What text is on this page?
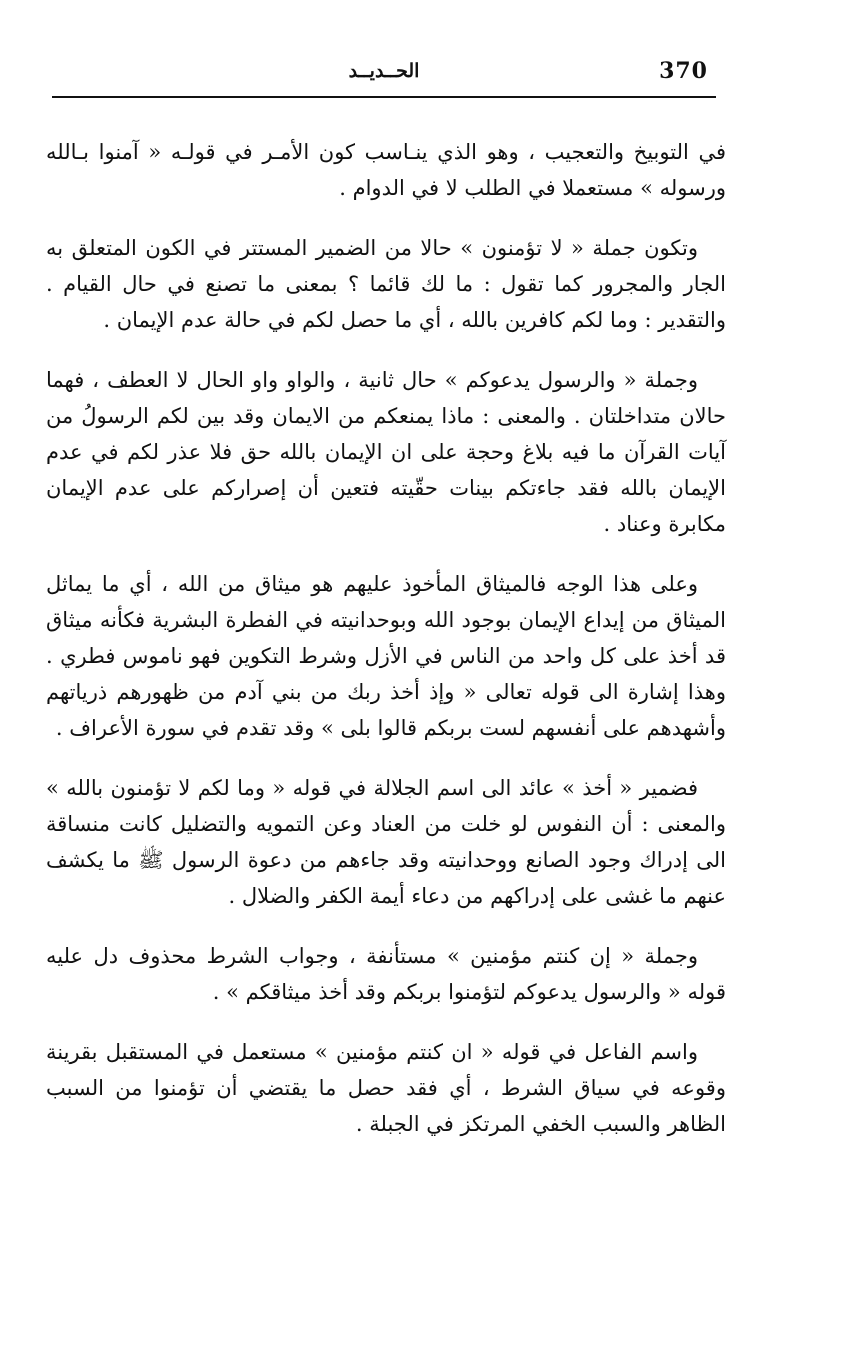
370
الحــديــد

في التوبيخ والتعجيب ، وهو الذي ينـاسب كون الأمـر في قولـه « آمنوا بـالله ورسوله » مستعملا في الطلب لا في الدوام .

وتكون جملة « لا تؤمنون » حالا من الضمير المستتر في الكون المتعلق به الجار والمجرور كما تقول : ما لك قائما ؟ بمعنى ما تصنع في حال القيام . والتقدير : وما لكم كافرين بالله ، أي ما حصل لكم في حالة عدم الإيمان .

وجملة « والرسول يدعوكم » حال ثانية ، والواو واو الحال لا العطف ، فهما حالان متداخلتان . والمعنى : ماذا يمنعكم من الايمان وقد بين لكم الرسولُ من آيات القرآن ما فيه بلاغ وحجة على ان الإيمان بالله حق فلا عذر لكم في عدم الإيمان بالله فقد جاءتكم بينات حقّيته فتعين أن إصراركم على عدم الإيمان مكابرة وعناد .

وعلى هذا الوجه فالميثاق المأخوذ عليهم هو ميثاق من الله ، أي ما يماثل الميثاق من إيداع الإيمان بوجود الله وبوحدانيته في الفطرة البشرية فكأنه ميثاق قد أخذ على كل واحد من الناس في الأزل وشرط التكوين فهو ناموس فطري . وهذا إشارة الى قوله تعالى « وإذ أخذ ربك من بني آدم من ظهورهم ذرياتهم وأشهدهم على أنفسهم لست بربكم قالوا بلى » وقد تقدم في سورة الأعراف .

فضمير « أخذ » عائد الى اسم الجلالة في قوله « وما لكم لا تؤمنون بالله » والمعنى : أن النفوس لو خلت من العناد وعن التمويه والتضليل كانت منساقة الى إدراك وجود الصانع ووحدانيته وقد جاءهم من دعوة الرسول ﷺ ما يكشف عنهم ما غشى على إدراكهم من دعاء أيمة الكفر والضلال .

وجملة « إن كنتم مؤمنين » مستأنفة ، وجواب الشرط محذوف دل عليه قوله « والرسول يدعوكم لتؤمنوا بربكم وقد أخذ ميثاقكم » .

واسم الفاعل في قوله « ان كنتم مؤمنين » مستعمل في المستقبل بقرينة وقوعه في سياق الشرط ، أي فقد حصل ما يقتضي أن تؤمنوا من السبب الظاهر والسبب الخفي المرتكز في الجبلة .
